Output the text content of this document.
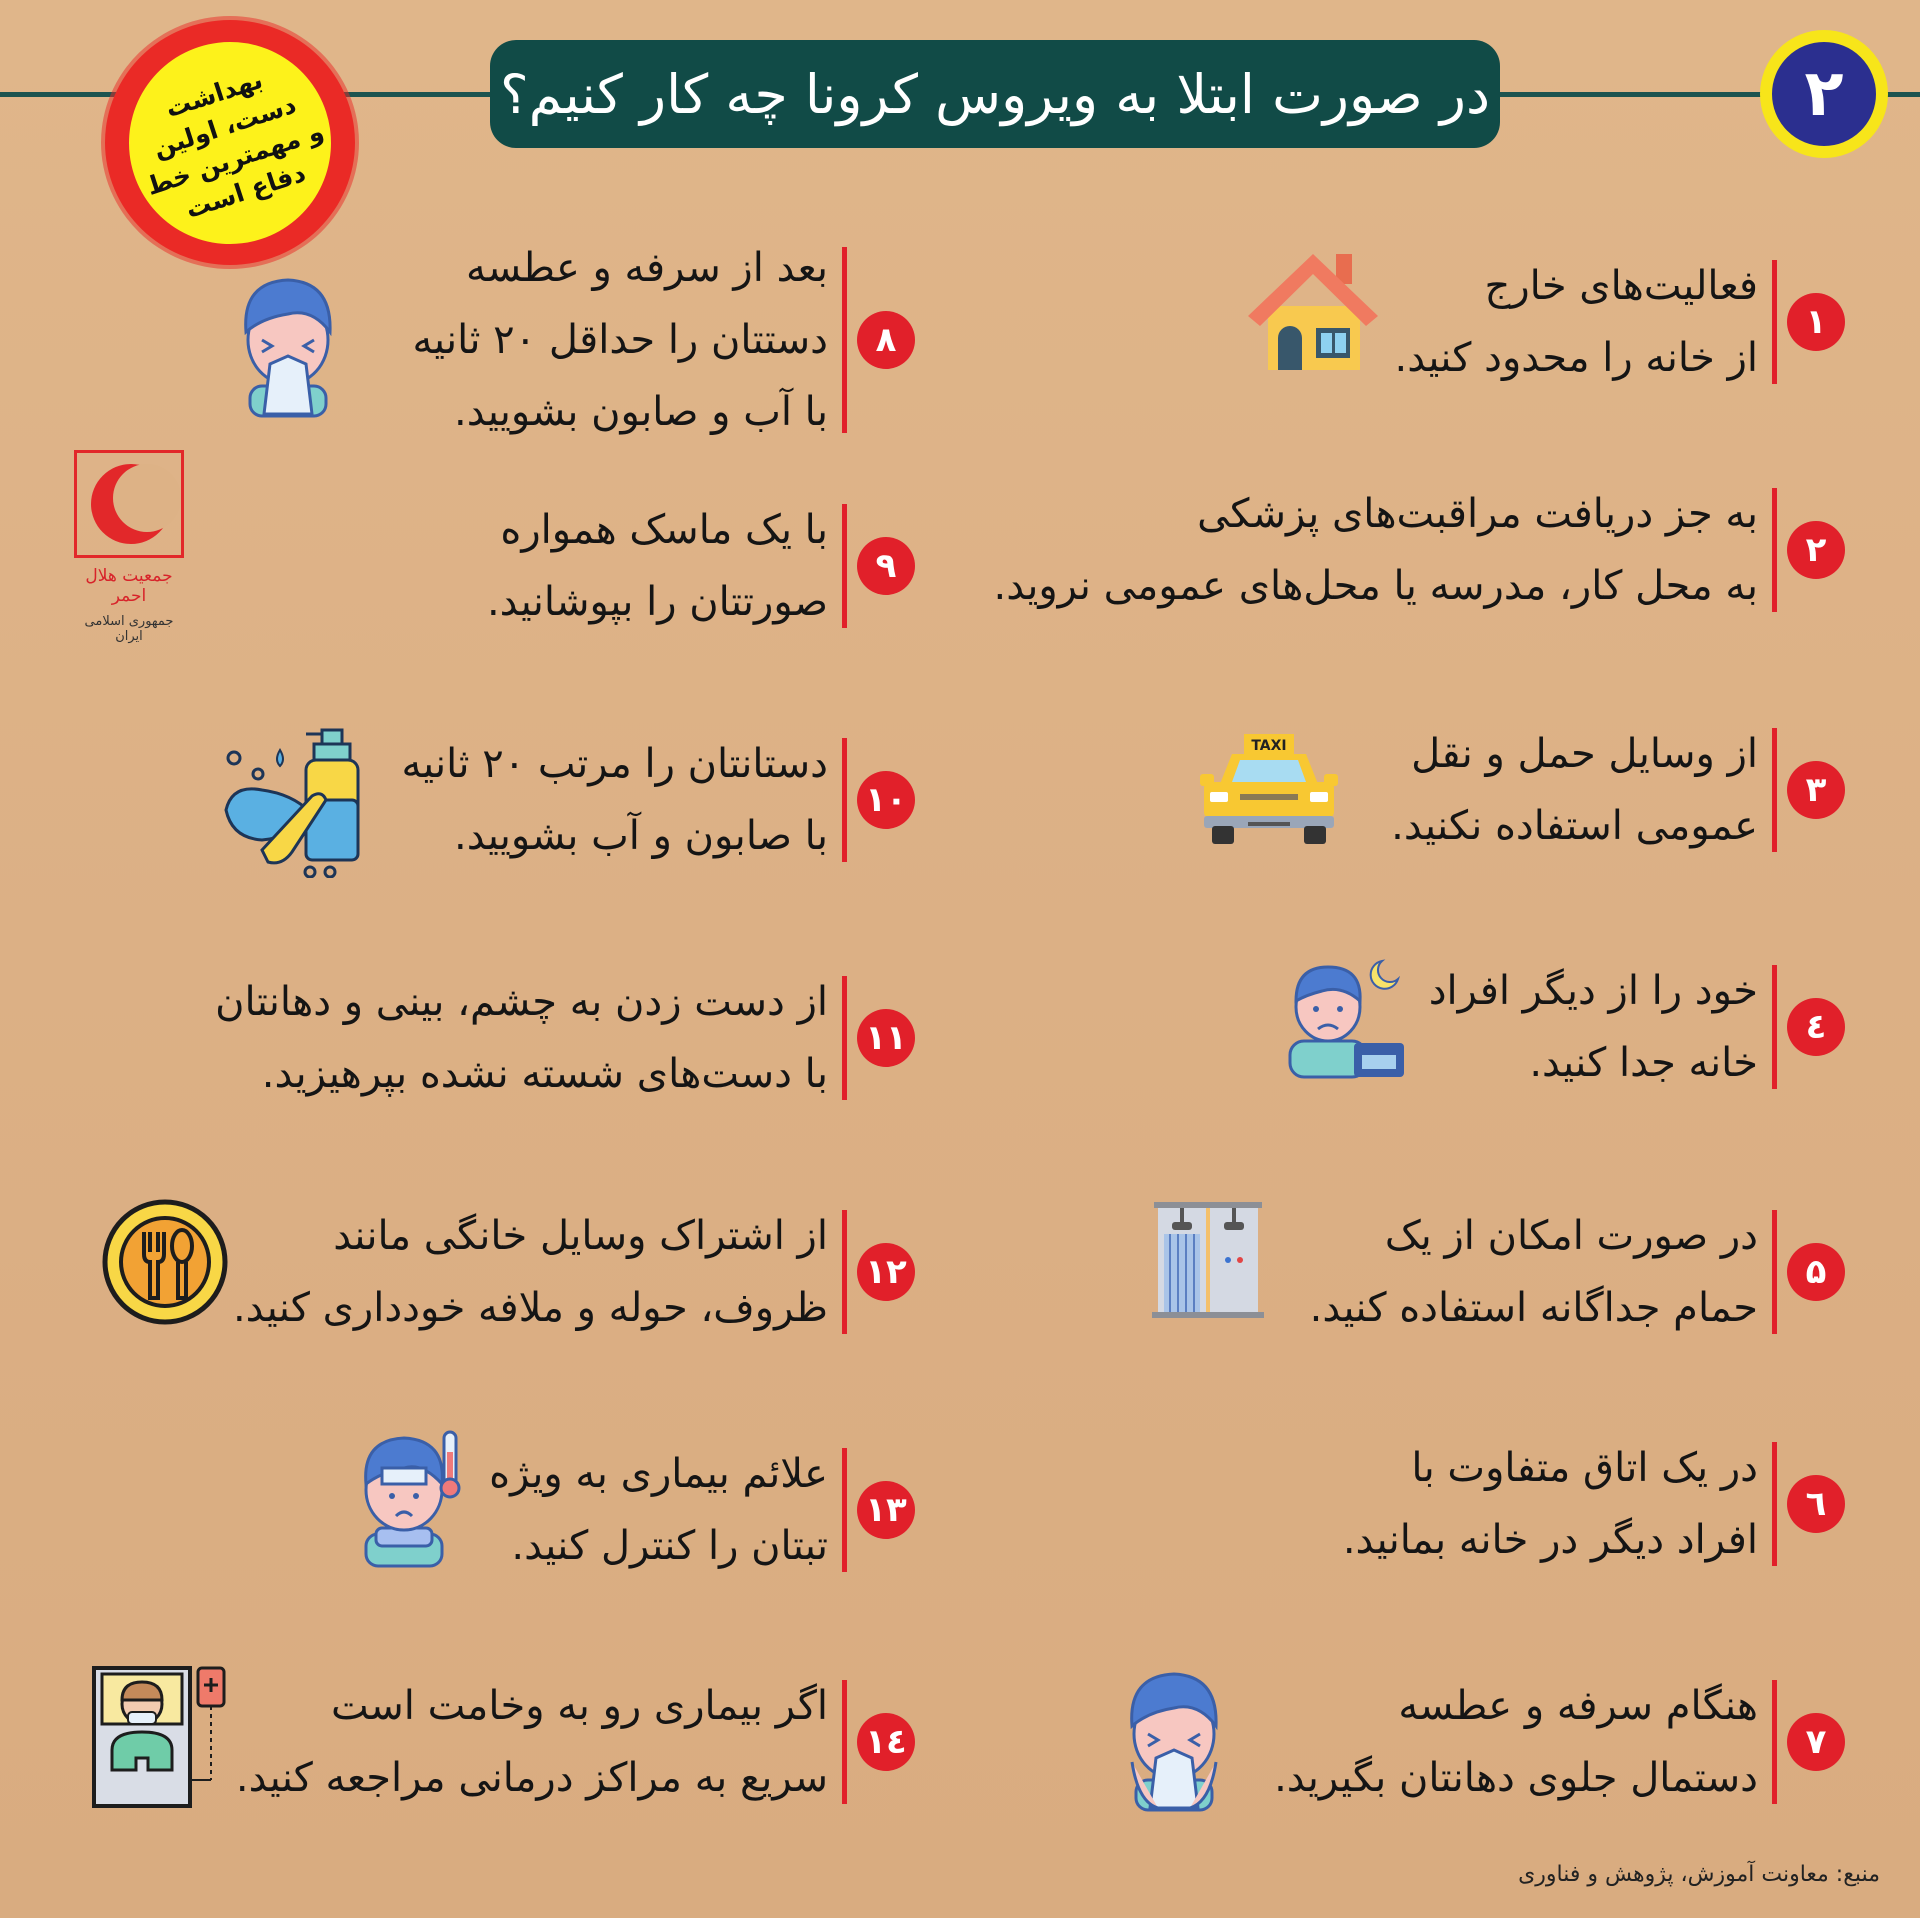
در صورت ابتلا به ویروس کرونا چه کار کنیم؟	۲
بهداشت
دست، اولین
و مهمترین خط
دفاع است
جمعیت هلال احمر
جمهوری اسلامی ایران
۱
فعالیت‌های خارج
از خانه را محدود کنید.
۲
به جز دریافت مراقبت‌های پزشکی
به محل کار، مدرسه یا محل‌های عمومی نروید.
۳
از وسایل حمل و نقل
عمومی استفاده نکنید.
TAXI
٤
خود را از دیگر افراد
خانه جدا کنید.
۵
در صورت امکان از یک
حمام جداگانه استفاده کنید.
٦
در یک اتاق متفاوت با
افراد دیگر در خانه بمانید.
۷
هنگام سرفه و عطسه
دستمال جلوی دهانتان بگیرید.
۸
بعد از سرفه و عطسه
دستتان را حداقل ۲۰ ثانیه
با آب و صابون بشویید.
۹
با یک ماسک همواره
صورتتان را بپوشانید.
۱۰
دستانتان را مرتب ۲۰ ثانیه
با صابون و آب بشویید.
۱۱
از دست زدن به چشم، بینی و دهانتان
با دست‌های شسته نشده بپرهیزید.
۱۲
از اشتراک وسایل خانگی مانند
ظروف، حوله و ملافه خودداری کنید.
۱۳
علائم بیماری به ویژه
تبتان را کنترل کنید.
۱٤
اگر بیماری رو به وخامت است
سریع به مراکز درمانی مراجعه کنید.
منبع: معاونت آموزش، پژوهش و فناوری
